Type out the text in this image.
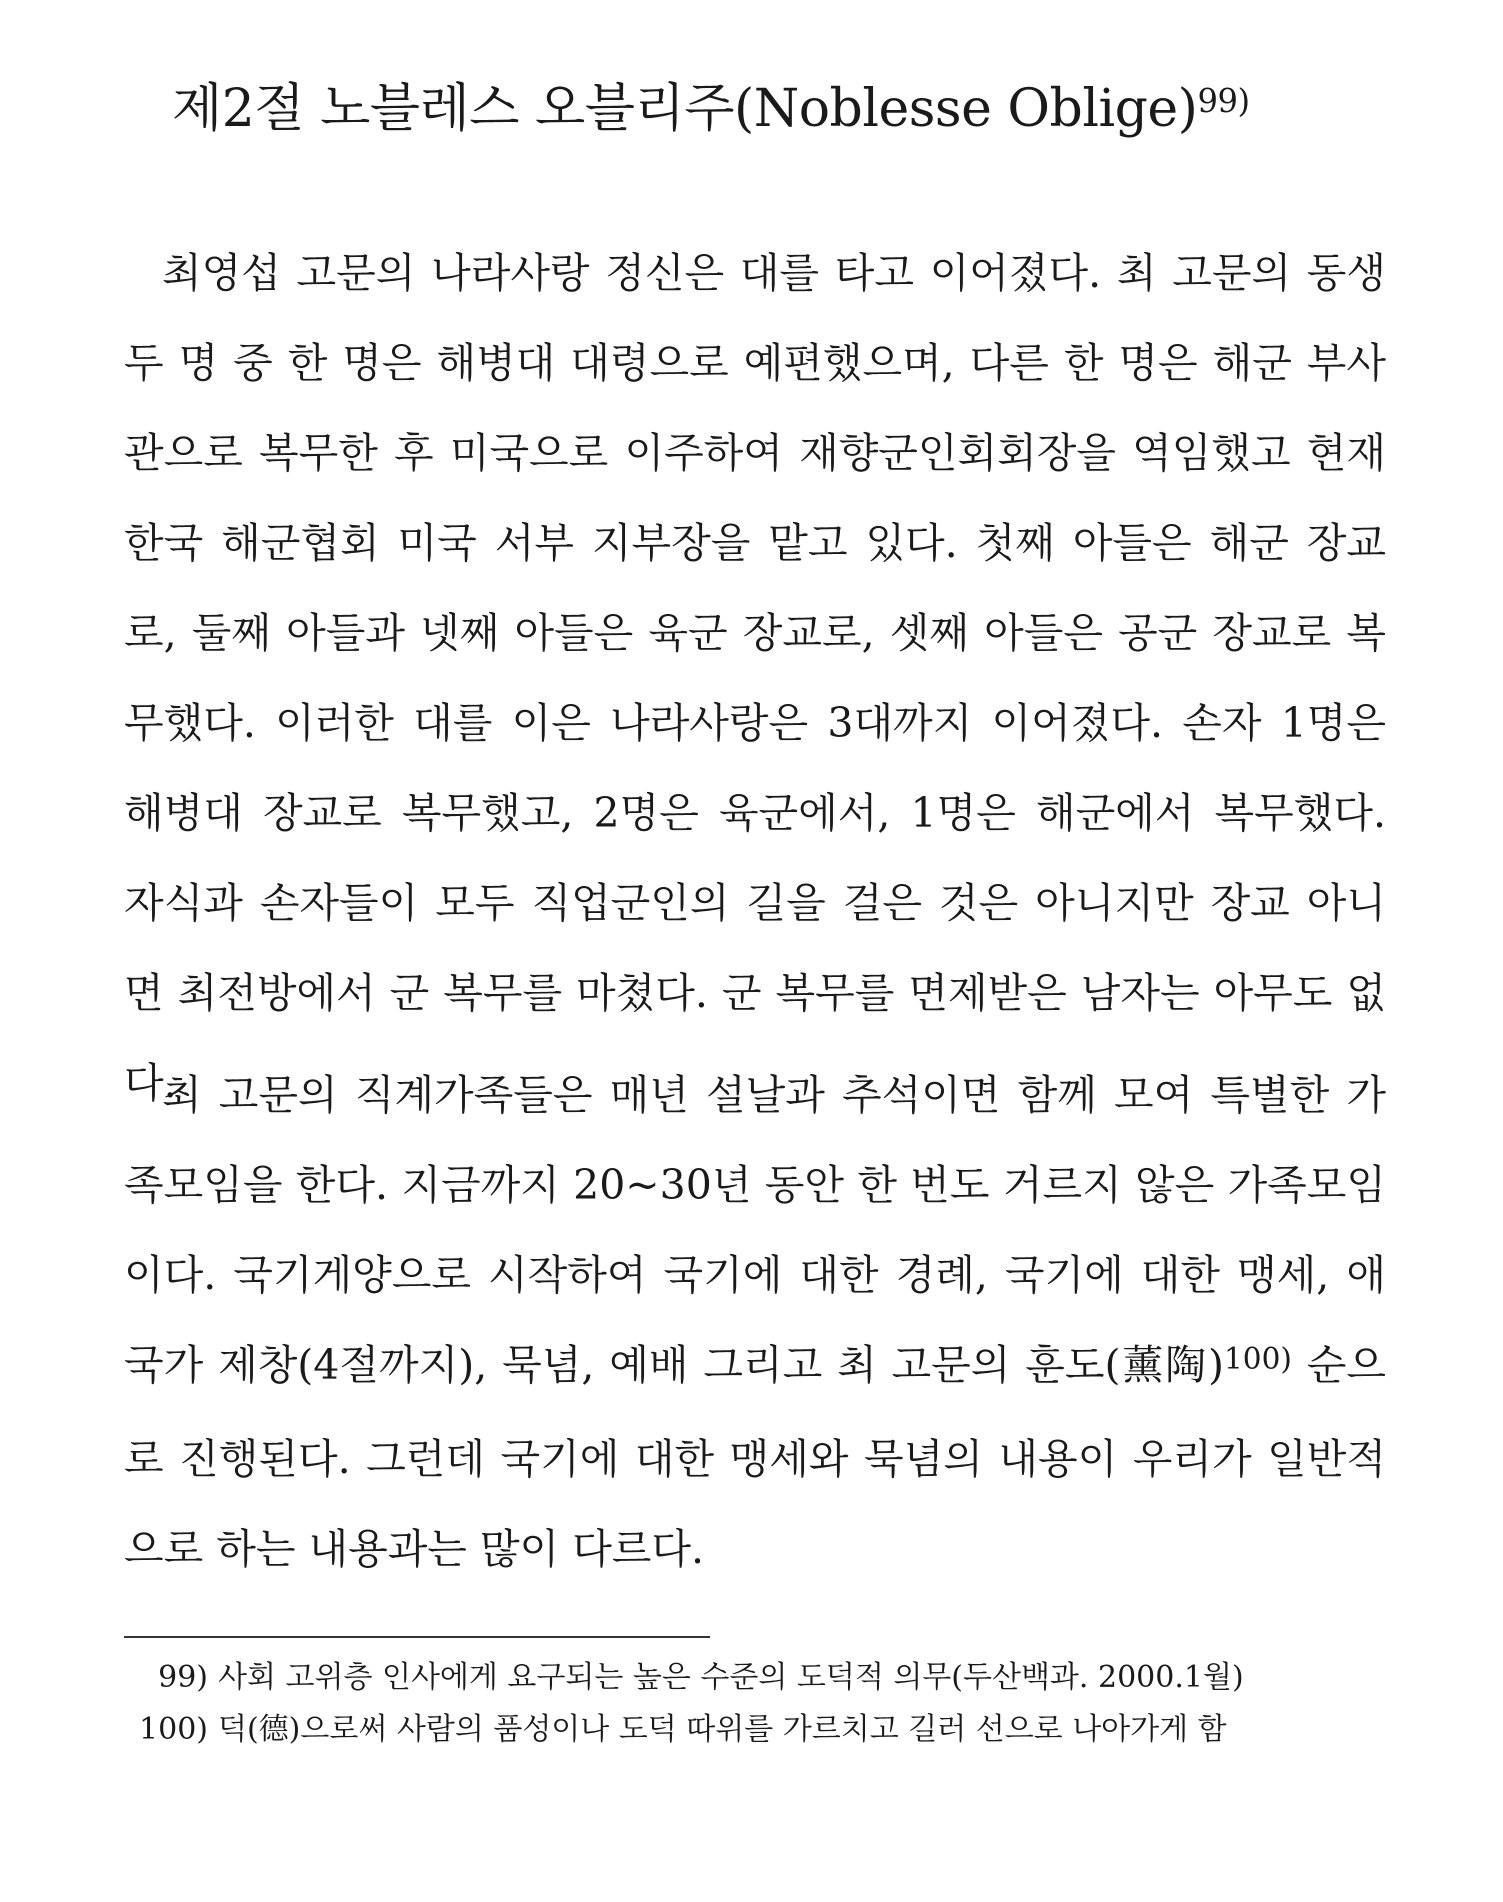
제2절 노블레스 오블리주(Noblesse Oblige)$^{99)}$
최영섭 고문의 나라사랑 정신은 대를 타고 이어졌다. 최 고문의 동생 두 명 중 한 명은 해병대 대령으로 예편했으며, 다른 한 명은 해군 부사관으로 복무한 후 미국으로 이주하여 재향군인회회장을 역임했고 현재 한국 해군협회 미국 서부 지부장을 맡고 있다. 첫째 아들은 해군 장교로, 둘째 아들과 넷째 아들은 육군 장교로, 셋째 아들은 공군 장교로 복무했다. 이러한 대를 이은 나라사랑은 3대까지 이어졌다. 손자 1명은 해병대 장교로 복무했고, 2명은 육군에서, 1명은 해군에서 복무했다. 자식과 손자들이 모두 직업군인의 길을 걸은 것은 아니지만 장교 아니면 최전방에서 군 복무를 마쳤다. 군 복무를 면제받은 남자는 아무도 없다.
최 고문의 직계가족들은 매년 설날과 추석이면 함께 모여 특별한 가족모임을 한다. 지금까지 20~30년 동안 한 번도 거르지 않은 가족모임이다. 국기게양으로 시작하여 국기에 대한 경례, 국기에 대한 맹세, 애국가 제창(4절까지), 묵념, 예배 그리고 최 고문의 훈도(薰陶)$^{100)}$ 순으로 진행된다. 그런데 국기에 대한 맹세와 묵념의 내용이 우리가 일반적으로 하는 내용과는 많이 다르다.
99) 사회 고위층 인사에게 요구되는 높은 수준의 도덕적 의무(두산백과. 2000.1월)
100) 덕(德)으로써 사람의 품성이나 도덕 따위를 가르치고 길러 선으로 나아가게 함
